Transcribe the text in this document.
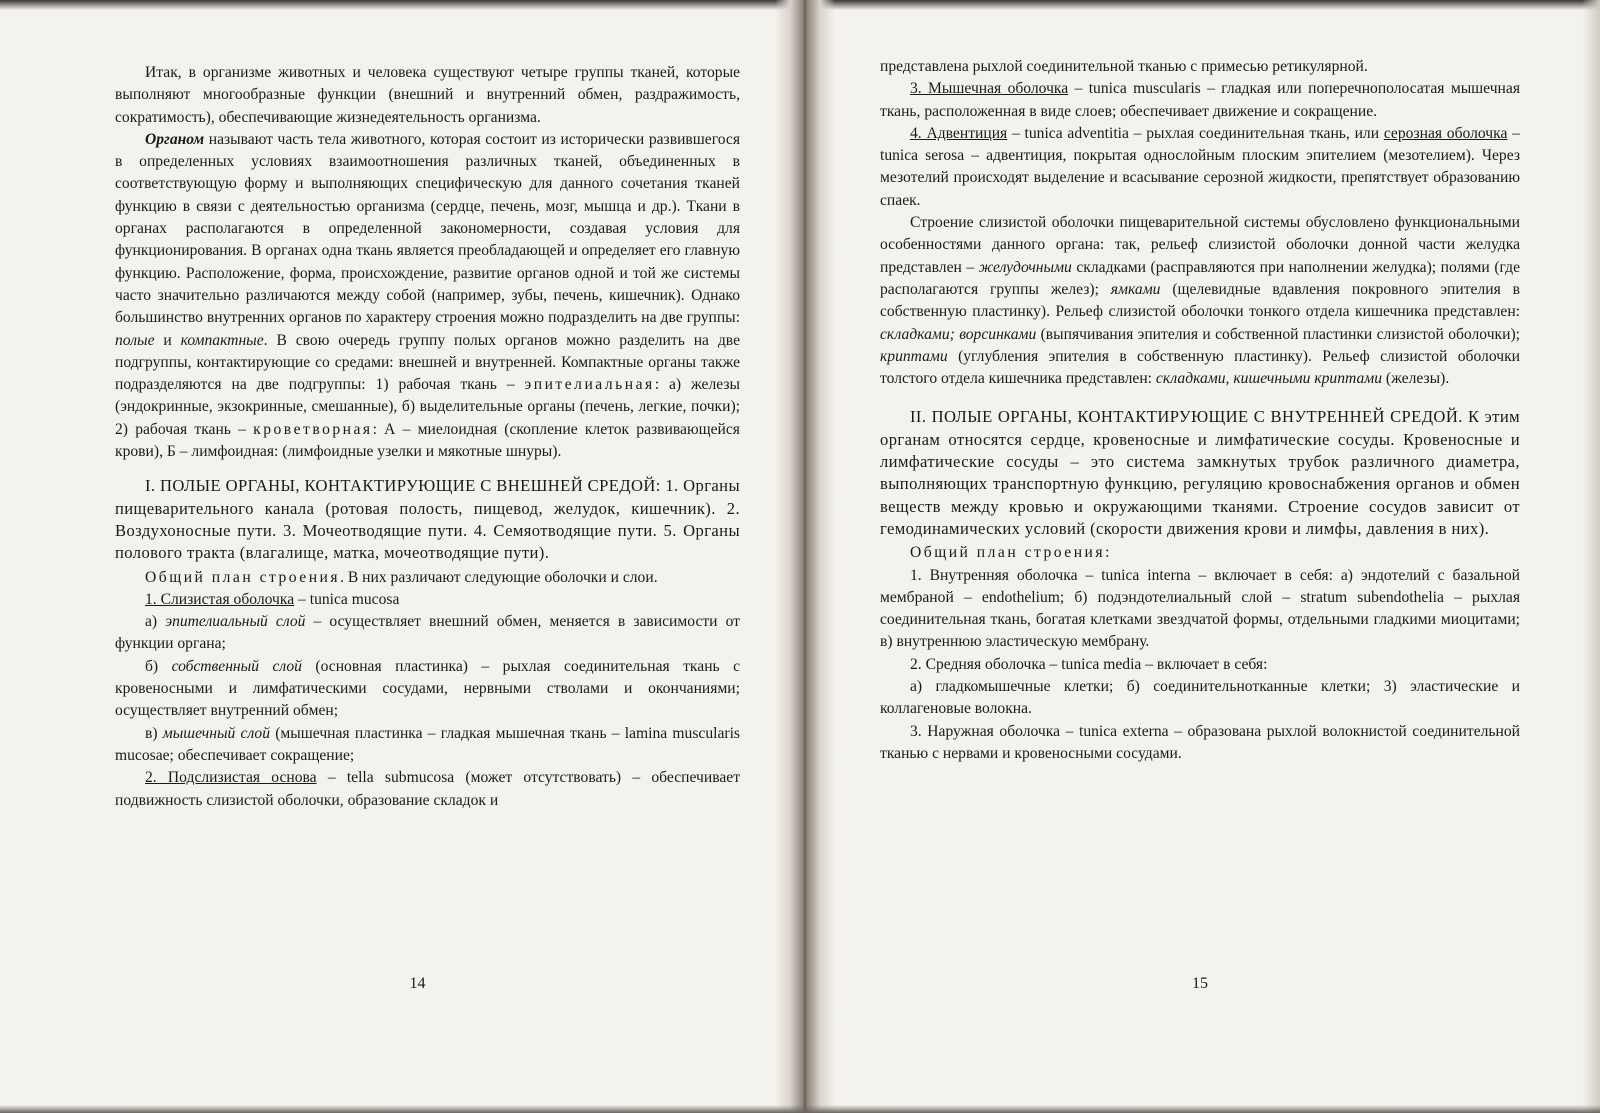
Итак, в организме животных и человека существуют четыре группы тканей, которые выполняют многообразные функции (внешний и внутренний обмен, раздражимость, сократимость), обеспечивающие жизнедеятельность организма.

Органом называют часть тела животного, которая состоит из исторически развившегося в определенных условиях взаимоотношения различных тканей, объединенных в соответствующую форму и выполняющих специфическую для данного сочетания тканей функцию в связи с деятельностью организма (сердце, печень, мозг, мышца и др.). Ткани в органах располагаются в определенной закономерности, создавая условия для функционирования. В органах одна ткань является преобладающей и определяет его главную функцию. Расположение, форма, происхождение, развитие органов одной и той же системы часто значительно различаются между собой (например, зубы, печень, кишечник). Однако большинство внутренних органов по характеру строения можно подразделить на две группы: полые и компактные. В свою очередь группу полых органов можно разделить на две подгруппы, контактирующие со средами: внешней и внутренней. Компактные органы также подразделяются на две подгруппы: 1) рабочая ткань – эпителиальная: а) железы (эндокринные, экзокринные, смешанные), б) выделительные органы (печень, легкие, почки); 2) рабочая ткань – кроветворная: А – миелоидная (скопление клеток развивающейся крови), Б – лимфоидная: (лимфоидные узелки и мякотные шнуры).

I. ПОЛЫЕ ОРГАНЫ, КОНТАКТИРУЮЩИЕ С ВНЕШНЕЙ СРЕДОЙ: 1. Органы пищеварительного канала (ротовая полость, пищевод, желудок, кишечник). 2. Воздухоносные пути. 3. Мочеотводящие пути. 4. Семяотводящие пути. 5. Органы полового тракта (влагалище, матка, мочеотводящие пути).

Общий план строения. В них различают следующие оболочки и слои.

1. Слизистая оболочка – tunica mucosa

а) эпителиальный слой – осуществляет внешний обмен, меняется в зависимости от функции органа;

б) собственный слой (основная пластинка) – рыхлая соединительная ткань с кровеносными и лимфатическими сосудами, нервными стволами и окончаниями; осуществляет внутренний обмен;

в) мышечный слой (мышечная пластинка – гладкая мышечная ткань – lamina muscularis mucosae; обеспечивает сокращение;

2. Подслизистая основа – tella submucosa (может отсутствовать) – обеспечивает подвижность слизистой оболочки, образование складок и

14

представлена рыхлой соединительной тканью с примесью ретикулярной.

3. Мышечная оболочка – tunica muscularis – гладкая или поперечнополосатая мышечная ткань, расположенная в виде слоев; обеспечивает движение и сокращение.

4. Адвентиция – tunica adventitia – рыхлая соединительная ткань, или серозная оболочка – tunica serosa – адвентиция, покрытая однослойным плоским эпителием (мезотелием). Через мезотелий происходят выделение и всасывание серозной жидкости, препятствует образованию спаек.

Строение слизистой оболочки пищеварительной системы обусловлено функциональными особенностями данного органа: так, рельеф слизистой оболочки донной части желудка представлен – желудочными складками (расправляются при наполнении желудка); полями (где располагаются группы желез); ямками (щелевидные вдавления покровного эпителия в собственную пластинку). Рельеф слизистой оболочки тонкого отдела кишечника представлен: складками; ворсинками (выпячивания эпителия и собственной пластинки слизистой оболочки); криптами (углубления эпителия в собственную пластинку). Рельеф слизистой оболочки толстого отдела кишечника представлен: складками, кишечными криптами (железы).

II. ПОЛЫЕ ОРГАНЫ, КОНТАКТИРУЮЩИЕ С ВНУТРЕННЕЙ СРЕДОЙ. К этим органам относятся сердце, кровеносные и лимфатические сосуды. Кровеносные и лимфатические сосуды – это система замкнутых трубок различного диаметра, выполняющих транспортную функцию, регуляцию кровоснабжения органов и обмен веществ между кровью и окружающими тканями. Строение сосудов зависит от гемодинамических условий (скорости движения крови и лимфы, давления в них).

Общий план строения:

1. Внутренняя оболочка – tunica interna – включает в себя: а) эндотелий с базальной мембраной – endothelium; б) подэндотелиальный слой – stratum subendothelia – рыхлая соединительная ткань, богатая клетками звездчатой формы, отдельными гладкими миоцитами; в) внутреннюю эластическую мембрану.

2. Средняя оболочка – tunica media – включает в себя:

а) гладкомышечные клетки; б) соединительнотканные клетки; 3) эластические и коллагеновые волокна.

3. Наружная оболочка – tunica externa – образована рыхлой волокнистой соединительной тканью с нервами и кровеносными сосудами.

15
